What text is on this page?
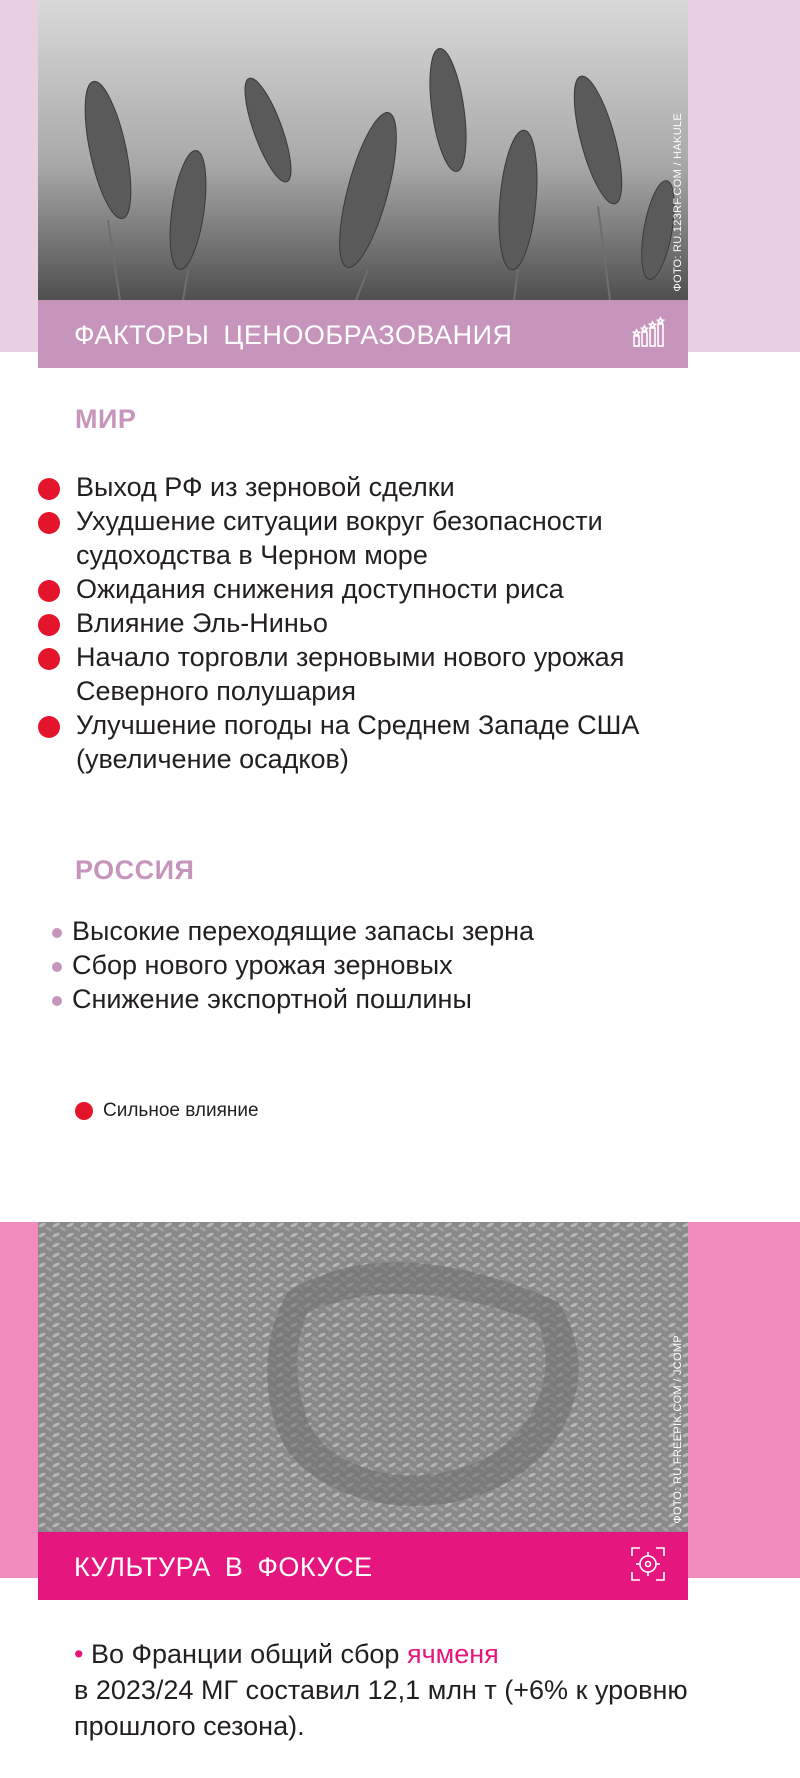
ФОТО: RU.123RF.COM / HAKULE
ФАКТОРЫ ЦЕНООБРАЗОВАНИЯ
МИР
Выход РФ из зерновой сделки
Ухудшение ситуации вокруг безопасности судоходства в Черном море
Ожидания снижения доступности риса
Влияние Эль-Ниньо
Начало торговли зерновыми нового урожая Северного полушария
Улучшение погоды на Среднем Западе США (увеличение осадков)
РОССИЯ
Высокие переходящие запасы зерна
Сбор нового урожая зерновых
Снижение экспортной пошлины
Сильное влияние
ФОТО: RU.FREEPIK.COM / JCOMP
КУЛЬТУРА В ФОКУСЕ
• Во Франции общий сбор ячменя
в 2023/24 МГ составил 12,1 млн т (+6% к уровню прошлого сезона).
